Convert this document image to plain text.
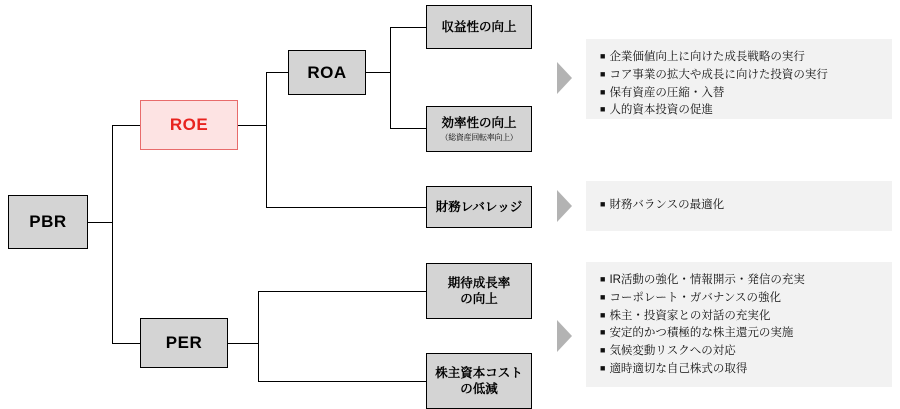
PBR
ROE
PER
ROA
収益性の向上
効率性の向上
（総資産回転率向上）
財務レバレッジ
期待成長率
の向上
株主資本コスト
の低減
■ 企業価値向上に向けた成長戦略の実行
■ コア事業の拡大や成長に向けた投資の実行
■ 保有資産の圧縮・入替
■ 人的資本投資の促進
■ 財務バランスの最適化
■ IR活動の強化・情報開示・発信の充実
■ コーポレート・ガバナンスの強化
■ 株主・投資家との対話の充実化
■ 安定的かつ積極的な株主還元の実施
■ 気候変動リスクへの対応
■ 適時適切な自己株式の取得
